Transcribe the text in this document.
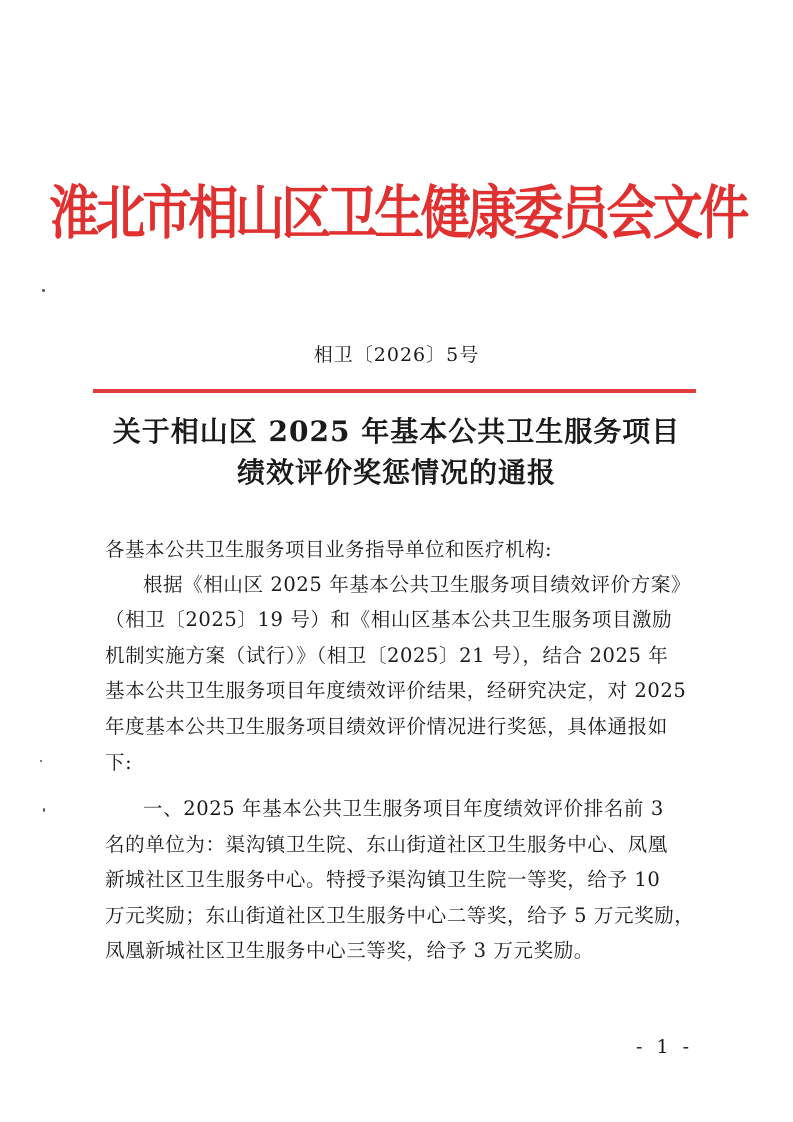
淮北市相山区卫生健康委员会文件
相卫〔2026〕5号
关于相山区 2025 年基本公共卫生服务项目
绩效评价奖惩情况的通报
各基本公共卫生服务项目业务指导单位和医疗机构:
根据《相山区 2025 年基本公共卫生服务项目绩效评价方案》
（相卫〔2025〕19 号）和《相山区基本公共卫生服务项目激励
机制实施方案（试行）》（相卫〔2025〕21 号），结合 2025 年
基本公共卫生服务项目年度绩效评价结果，经研究决定，对 2025
年度基本公共卫生服务项目绩效评价情况进行奖惩，具体通报如
下:
一、2025 年基本公共卫生服务项目年度绩效评价排名前 3
名的单位为：渠沟镇卫生院、东山街道社区卫生服务中心、凤凰
新城社区卫生服务中心。特授予渠沟镇卫生院一等奖，给予 10
万元奖励；东山街道社区卫生服务中心二等奖，给予 5 万元奖励，
凤凰新城社区卫生服务中心三等奖，给予 3 万元奖励。
- 1 -
